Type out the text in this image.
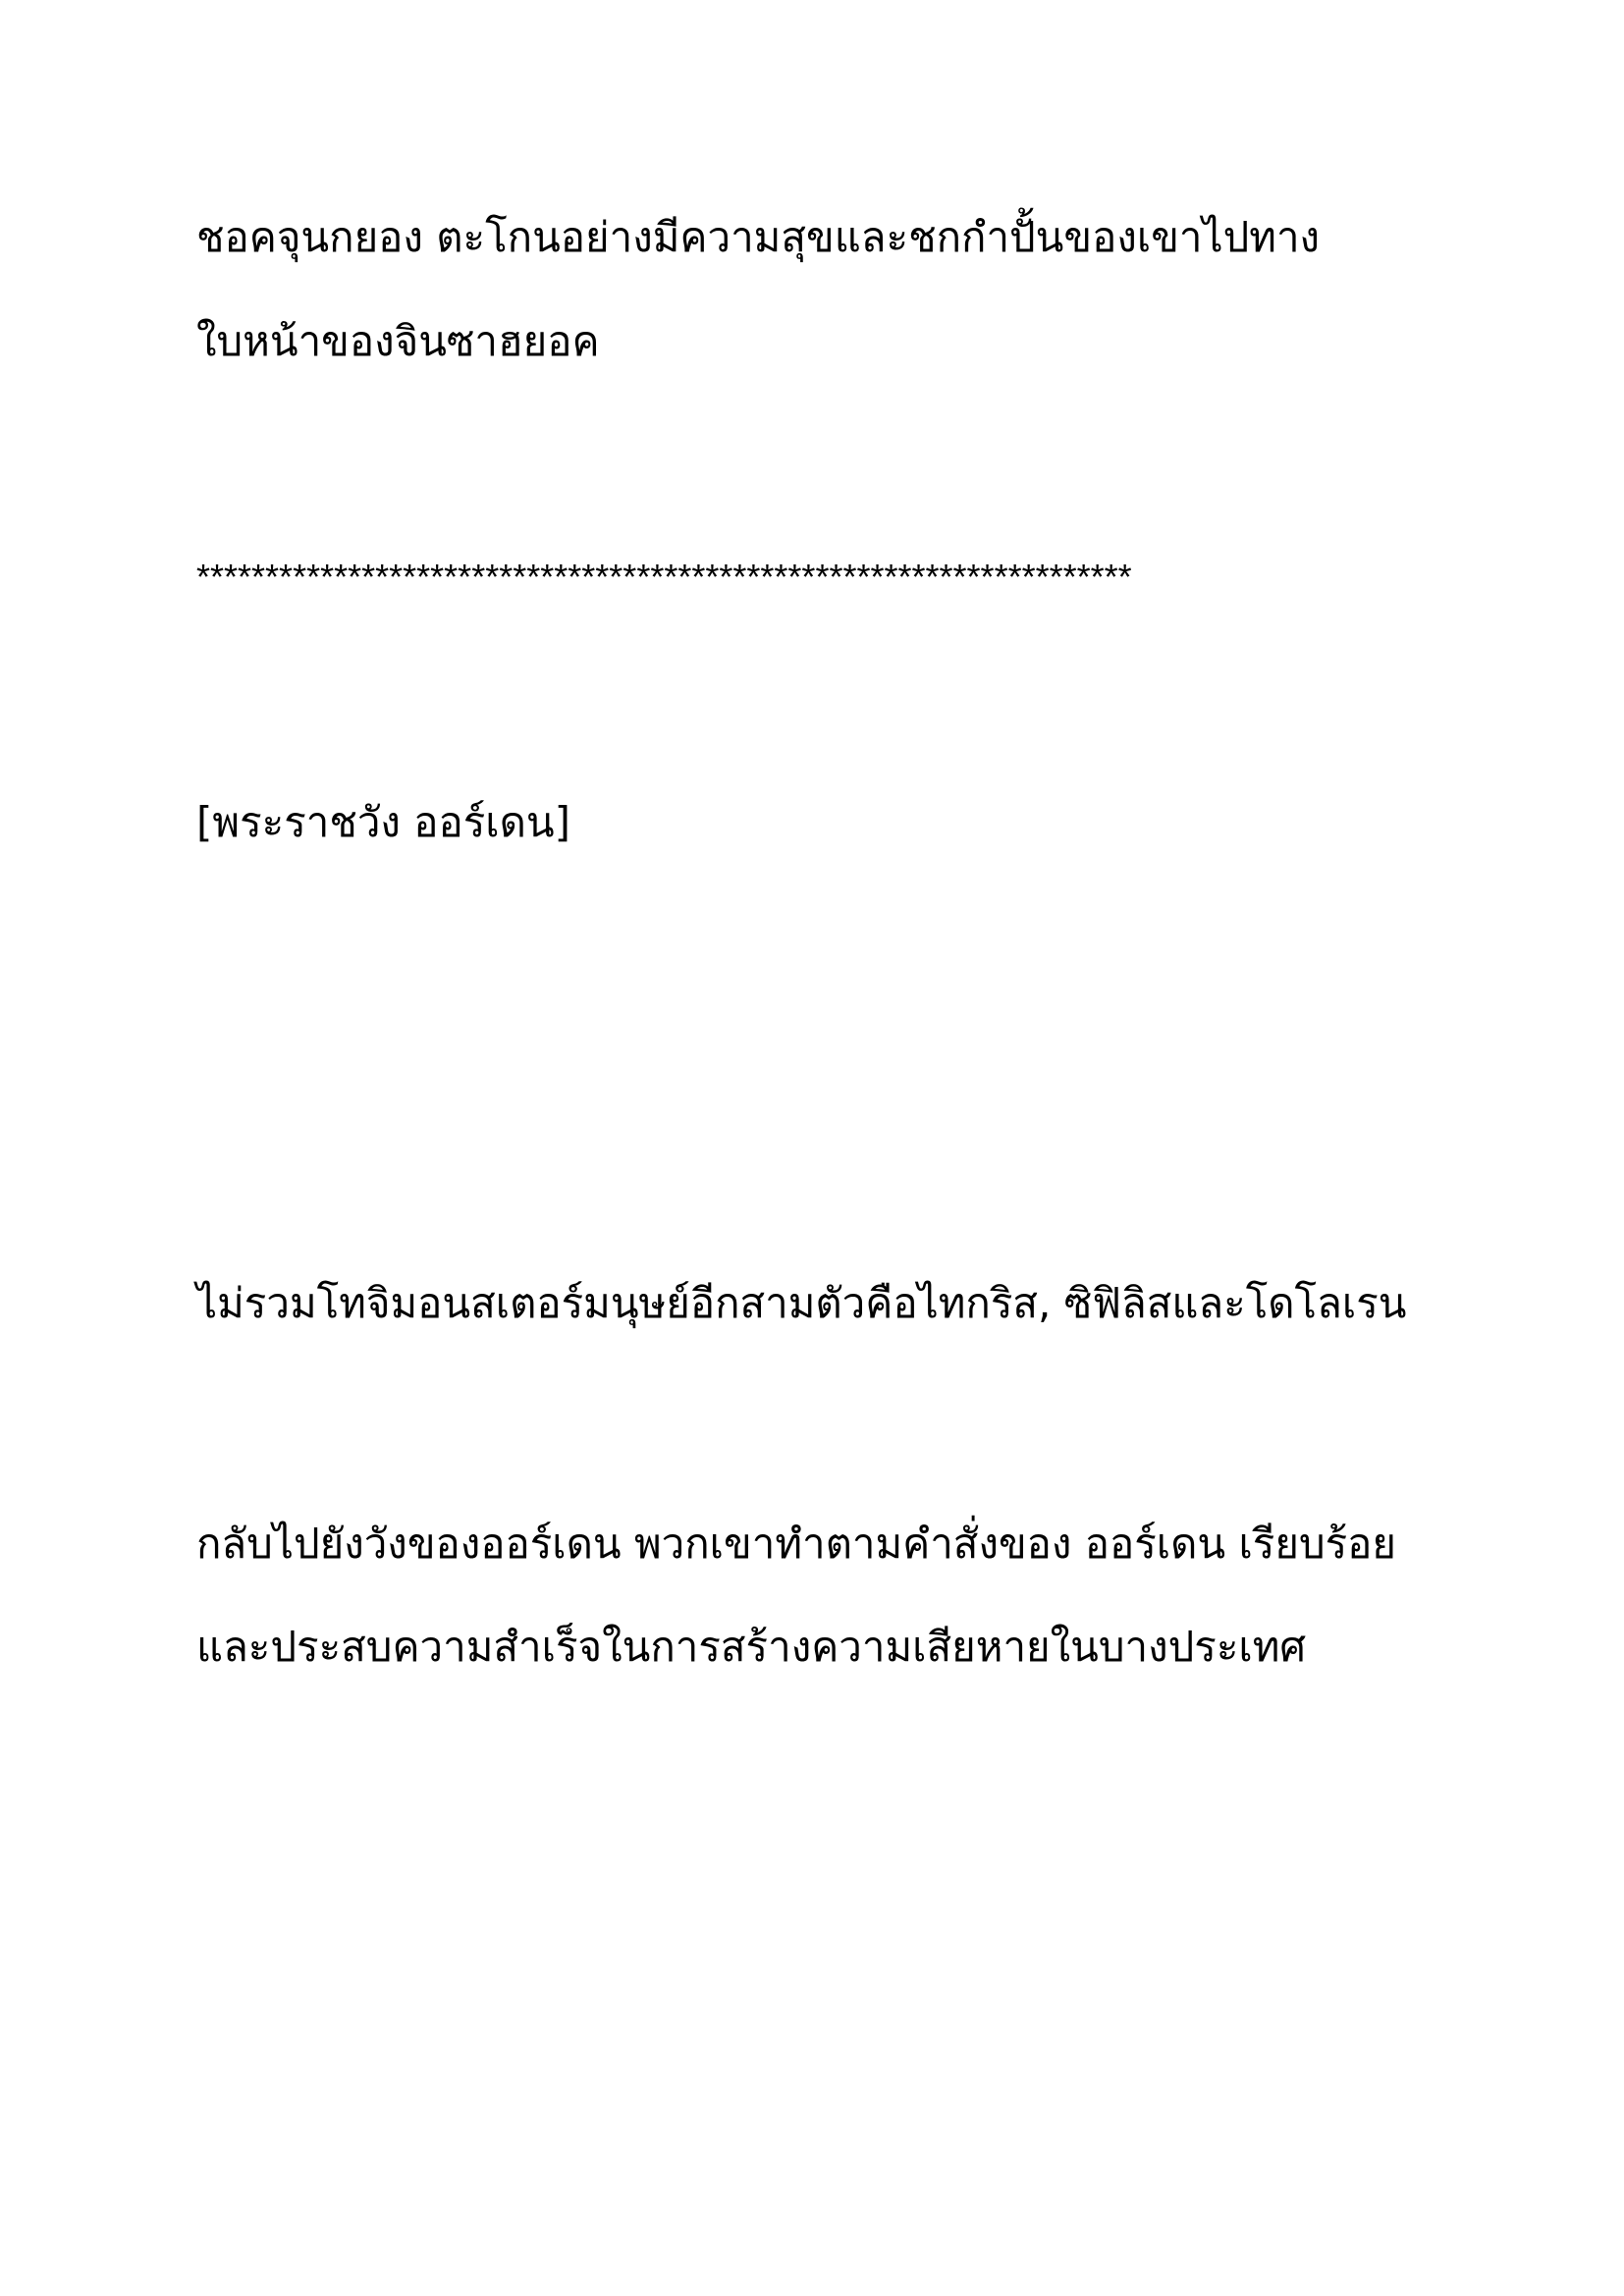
ชอคจุนกยอง ตะโกนอย่างมีความสุขและชกกำปั้นของเขาไปทาง

ใบหน้าของจินซาฮยอค

********************************************************************

[พระราชวัง ออร์เดน]

ไม่รวมโทจิมอนสเตอร์มนุษย์อีกสามตัวคือไทกริส, ซิฟิลิสและโดโลเรน

กลับไปยังวังของออร์เดน พวกเขาทำตามคำสั่งของ ออร์เดน เรียบร้อย

และประสบความสำเร็จในการสร้างความเสียหายในบางประเทศ
